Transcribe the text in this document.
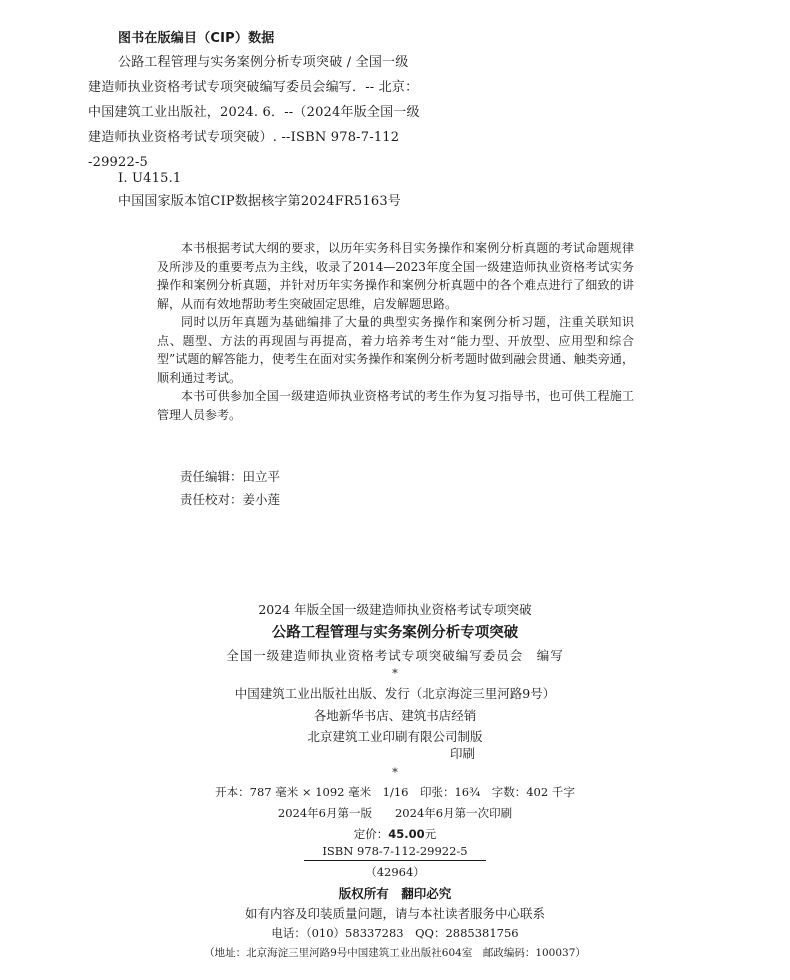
图书在版编目（CIP）数据
公路工程管理与实务案例分析专项突破 / 全国一级
建造师执业资格考试专项突破编写委员会编写．-- 北京：
中国建筑工业出版社，2024. 6．--（2024年版全国一级
建造师执业资格考试专项突破）. --ISBN 978-7-112
-29922-5
Ⅰ. U415.1
中国国家版本馆CIP数据核字第2024FR5163号

本书根据考试大纲的要求，以历年实务科目实务操作和案例分析真题的考试命题规律及所涉及的重要考点为主线，收录了2014—2023年度全国一级建造师执业资格考试实务操作和案例分析真题，并针对历年实务操作和案例分析真题中的各个难点进行了细致的讲解，从而有效地帮助考生突破固定思维，启发解题思路。

同时以历年真题为基础编排了大量的典型实务操作和案例分析习题，注重关联知识点、题型、方法的再现固与再提高，着力培养考生对“能力型、开放型、应用型和综合型”试题的解答能力，使考生在面对实务操作和案例分析考题时做到融会贯通、触类旁通，顺利通过考试。

本书可供参加全国一级建造师执业资格考试的考生作为复习指导书，也可供工程施工管理人员参考。

责任编辑：田立平
责任校对：姜小莲
2024 年版全国一级建造师执业资格考试专项突破
公路工程管理与实务案例分析专项突破
全国一级建造师执业资格考试专项突破编写委员会　编写
*
中国建筑工业出版社出版、发行（北京海淀三里河路9号）
各地新华书店、建筑书店经销
北京建筑工业印刷有限公司制版
印刷
*
开本：787 毫米 × 1092 毫米　1/16　印张：16¾　字数：402 千字
2024年6月第一版　　2024年6月第一次印刷
定价：45.00元
ISBN 978-7-112-29922-5
（42964）
版权所有　翻印必究
如有内容及印装质量问题，请与本社读者服务中心联系
电话：（010）58337283　QQ：2885381756
（地址：北京海淀三里河路9号中国建筑工业出版社604室　邮政编码：100037）
